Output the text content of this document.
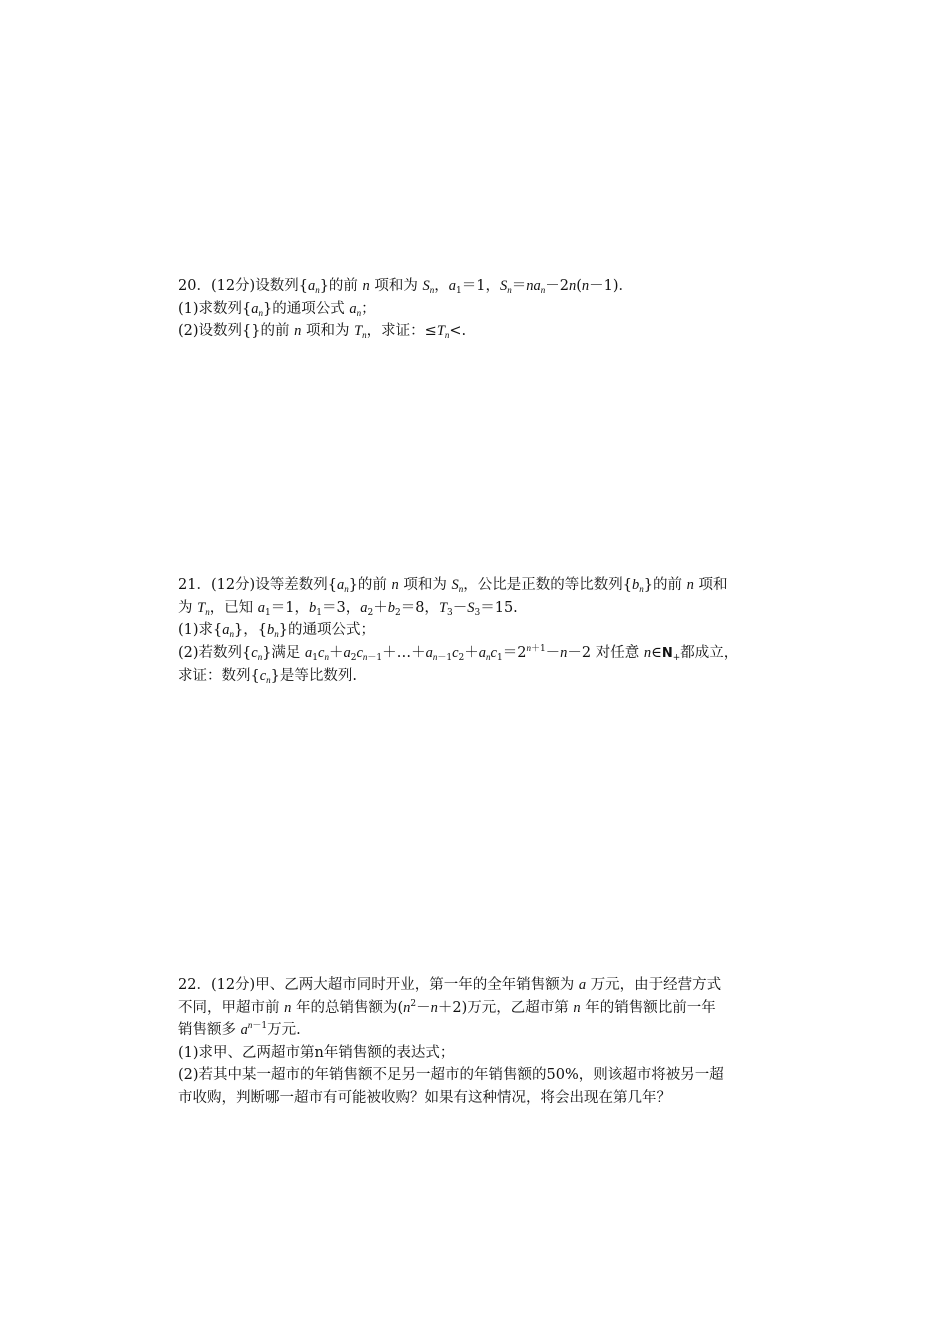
20．(12分)设数列$\{a_n\}$的前 n 项和为 $S_n$，$a_1=1$，$S_n=na_n-2n(n-1)$．
(1)求数列$\{a_n\}$的通项公式 $a_n$；
(2)设数列{}的前 n 项和为 $T_n$，求证：$\le T_n<$.
21．(12分)设等差数列$\{a_n\}$的前 n 项和为 $S_n$，公比是正数的等比数列$\{b_n\}$的前 n 项和
为 $T_n$，已知 $a_1=1$，$b_1=3$，$a_2+b_2=8$，$T_3-S_3=15$.
(1)求$\{a_n\}$，$\{b_n\}$的通项公式；
(2)若数列$\{c_n\}$满足 $a_1c_n+a_2c_{n-1}+\dots+a_{n-1}c_2+a_nc_1=2^{n+1}-n-2$ 对任意 $n\in N_+$都成立，
求证：数列$\{c_n\}$是等比数列.
22．(12分)甲、乙两大超市同时开业，第一年的全年销售额为 a 万元，由于经营方式
不同，甲超市前 n 年的总销售额为$(n^2-n+2)$万元，乙超市第 n 年的销售额比前一年
销售额多 $a^{n-1}$万元.
(1)求甲、乙两超市第n年销售额的表达式；
(2)若其中某一超市的年销售额不足另一超市的年销售额的50%，则该超市将被另一超
市收购，判断哪一超市有可能被收购？如果有这种情况，将会出现在第几年？
